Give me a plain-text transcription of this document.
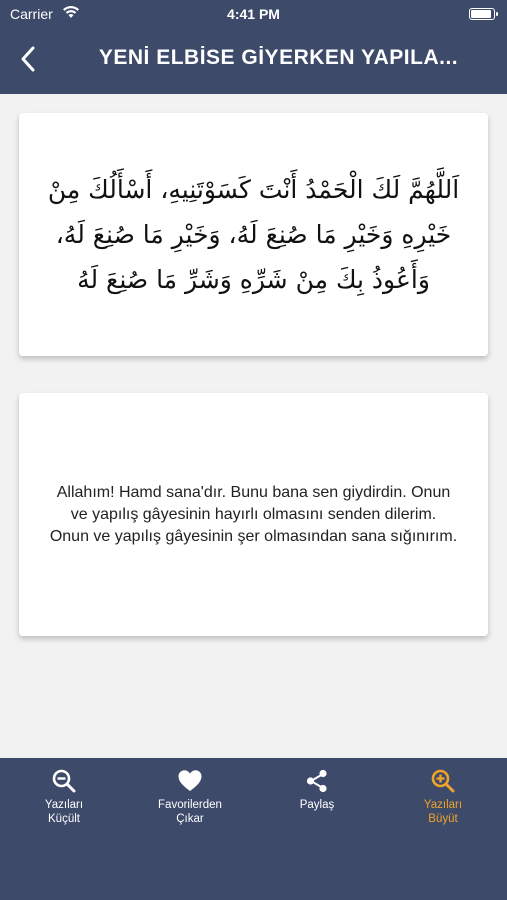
Carrier	4:41 PM
YENİ ELBİSE GİYERKEN YAPILA...
اَللَّهُمَّ لَكَ الْحَمْدُ أَنْتَ كَسَوْتَنِيهِ، أَسْأَلُكَ مِنْ خَيْرِهِ وَخَيْرِ مَا صُنِعَ لَهُ، وَخَيْرِ مَا صُنِعَ لَهُ، وَأَعُوذُ بِكَ مِنْ شَرِّهِ وَشَرِّ مَا صُنِعَ لَهُ
Allahım! Hamd sana'dır. Bunu bana sen giydirdin. Onun ve yapılış gâyesinin hayırlı olmasını senden dilerim. Onun ve yapılış gâyesinin şer olmasından sana sığınırım.
Yazıları
Küçült
Favorilerden
Çıkar
Paylaş	Yazıları
Büyüt
